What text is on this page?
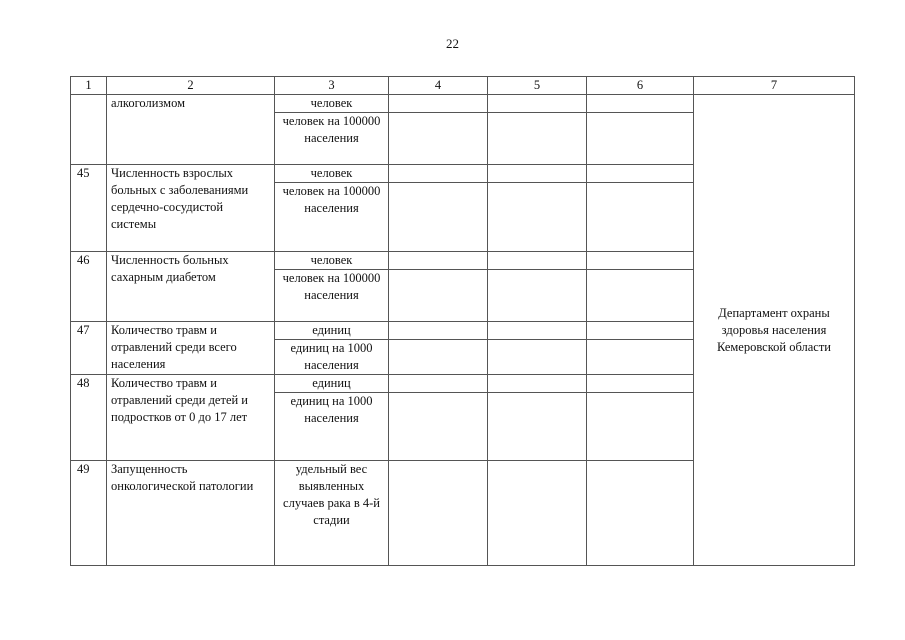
22
1	2	3	4	5	6	7
	алкоголизмом	человек				Департамент охраны здоровья населения Кемеровской области
		человек на 100000 населения				
45	Численность взрослых больных с заболеваниями сердечно-сосудистой системы	человек				
		человек на 100000 населения				
46	Численность больных сахарным диабетом	человек				
		человек на 100000 населения				
47	Количество травм и отравлений среди всего населения	единиц				
		единиц на 1000 населения				
48	Количество травм и отравлений среди детей и подростков от 0 до 17 лет	единиц				
		единиц на 1000 населения				
49	Запущенность онкологической патологии	удельный вес выявленных случаев рака в 4-й стадии				
